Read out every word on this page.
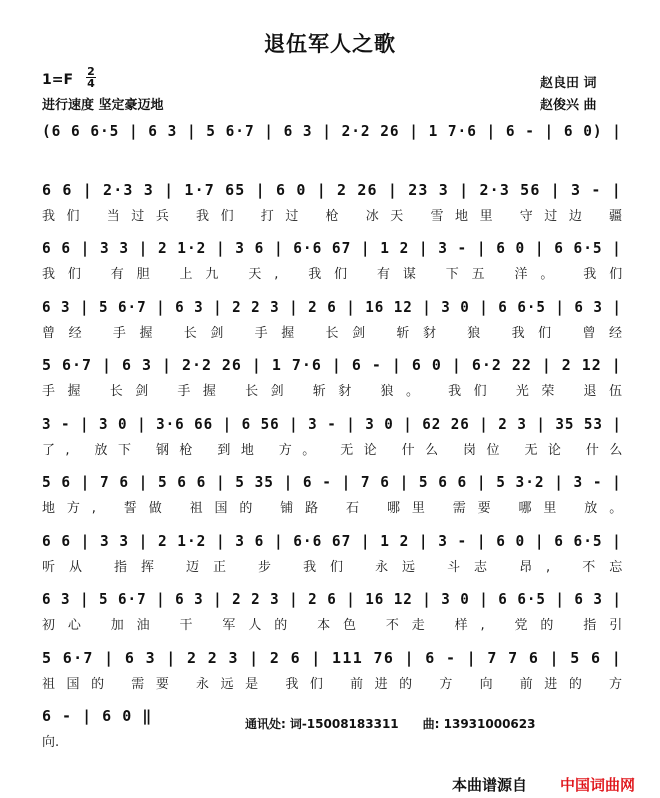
退伍军人之歌
1=F
2
4
进行速度 坚定豪迈地
赵良田 词
赵俊兴 曲
(6 6 6·5 | 6 3 | 5 6·7 | 6 3 | 2·2 26 | 1 7·6 | 6 - | 6 0) |
6 6 | 2·3 3 | 1·7 65 | 6 0 | 2 26 | 23 3 | 2·3 56 | 3 - |
我们 当过兵 我们 打过 枪 冰天 雪地里 守过边 疆
6 6 | 3 3 | 2 1·2 | 3 6 | 6·6 67 | 1 2 | 3 - | 6 0 | 6 6·5 |
我们 有胆 上九 天, 我们 有谋 下五 洋。 我们
6 3 | 5 6·7 | 6 3 | 2 2 3 | 2 6 | 16 12 | 3 0 | 6 6·5 | 6 3 |
曾经 手握 长剑 手握 长剑 斩豺 狼 我们 曾经
5 6·7 | 6 3 | 2·2 26 | 1 7·6 | 6 - | 6 0 | 6·2 22 | 2 12 |
手握 长剑 手握 长剑 斩豺 狼。 我们 光荣 退伍
3 - | 3 0 | 3·6 66 | 6 56 | 3 - | 3 0 | 62 26 | 2 3 | 35 53 |
了, 放下 钢枪 到地 方。 无论 什么 岗位 无论 什么
5 6 | 7 6 | 5 6 6 | 5 35 | 6 - | 7 6 | 5 6 6 | 5 3·2 | 3 - |
地方, 誓做 祖国的 铺路 石 哪里 需要 哪里 放。
6 6 | 3 3 | 2 1·2 | 3 6 | 6·6 67 | 1 2 | 3 - | 6 0 | 6 6·5 |
听从 指挥 迈正 步 我们 永远 斗志 昂, 不忘
6 3 | 5 6·7 | 6 3 | 2 2 3 | 2 6 | 16 12 | 3 0 | 6 6·5 | 6 3 |
初心 加油 干 军人的 本色 不走 样, 党的 指引
5 6·7 | 6 3 | 2 2 3 | 2 6 | 111 76 | 6 - | 7 7 6 | 5 6 |
祖国的 需要 永远是 我们 前进的 方 向 前进的 方
6 - | 6 0 ‖
向.
通讯处: 词-15008183311 曲: 13931000623
本曲谱源自 中国词曲网
